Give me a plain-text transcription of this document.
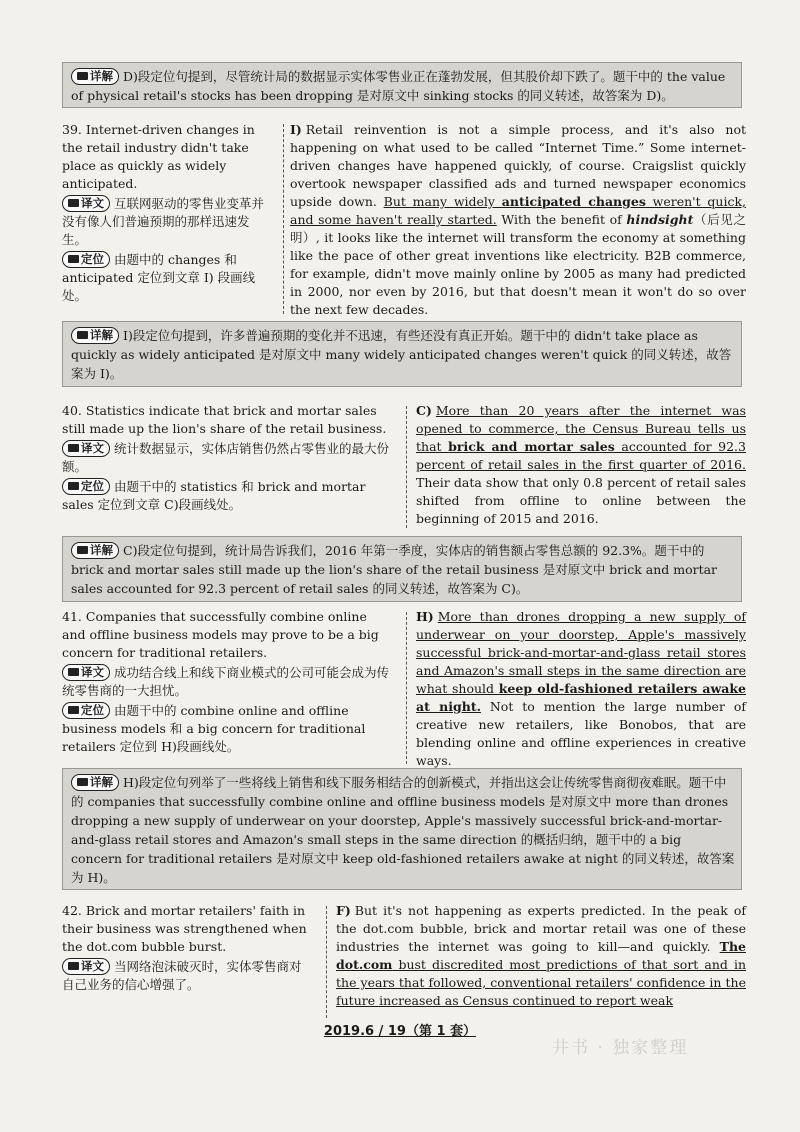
详解 D)段定位句提到，尽管统计局的数据显示实体零售业正在蓬勃发展，但其股价却下跌了。题干中的 the value of physical retail's stocks has been dropping 是对原文中 sinking stocks 的同义转述，故答案为 D)。
39. Internet-driven changes in the retail industry didn't take place as quickly as widely anticipated.
译文 互联网驱动的零售业变革并没有像人们普遍预期的那样迅速发生。
定位 由题中的 changes 和 anticipated 定位到文章 I) 段画线处。
I) Retail reinvention is not a simple process, and it's also not happening on what used to be called “Internet Time.” Some internet-driven changes have happened quickly, of course. Craigslist quickly overtook newspaper classified ads and turned newspaper economics upside down. But many widely anticipated changes weren't quick, and some haven't really started. With the benefit of hindsight（后见之明）, it looks like the internet will transform the economy at something like the pace of other great inventions like electricity. B2B commerce, for example, didn't move mainly online by 2005 as many had predicted in 2000, nor even by 2016, but that doesn't mean it won't do so over the next few decades.
详解 I)段定位句提到，许多普遍预期的变化并不迅速，有些还没有真正开始。题干中的 didn't take place as quickly as widely anticipated 是对原文中 many widely anticipated changes weren't quick 的同义转述，故答案为 I)。
40. Statistics indicate that brick and mortar sales still made up the lion's share of the retail business.
译文 统计数据显示，实体店销售仍然占零售业的最大份额。
定位 由题干中的 statistics 和 brick and mortar sales 定位到文章 C)段画线处。
C) More than 20 years after the internet was opened to commerce, the Census Bureau tells us that brick and mortar sales accounted for 92.3 percent of retail sales in the first quarter of 2016. Their data show that only 0.8 percent of retail sales shifted from offline to online between the beginning of 2015 and 2016.
详解 C)段定位句提到，统计局告诉我们，2016 年第一季度，实体店的销售额占零售总额的 92.3%。题干中的 brick and mortar sales still made up the lion's share of the retail business 是对原文中 brick and mortar sales accounted for 92.3 percent of retail sales 的同义转述，故答案为 C)。
41. Companies that successfully combine online and offline business models may prove to be a big concern for traditional retailers.
译文 成功结合线上和线下商业模式的公司可能会成为传统零售商的一大担忧。
定位 由题干中的 combine online and offline business models 和 a big concern for traditional retailers 定位到 H)段画线处。
H) More than drones dropping a new supply of underwear on your doorstep, Apple's massively successful brick-and-mortar-and-glass retail stores and Amazon's small steps in the same direction are what should keep old-fashioned retailers awake at night. Not to mention the large number of creative new retailers, like Bonobos, that are blending online and offline experiences in creative ways.
详解 H)段定位句列举了一些将线上销售和线下服务相结合的创新模式，并指出这会让传统零售商彻夜难眠。题干中的 companies that successfully combine online and offline business models 是对原文中 more than drones dropping a new supply of underwear on your doorstep, Apple's massively successful brick-and-mortar-and-glass retail stores and Amazon's small steps in the same direction 的概括归纳，题干中的 a big concern for traditional retailers 是对原文中 keep old-fashioned retailers awake at night 的同义转述，故答案为 H)。
42. Brick and mortar retailers' faith in their business was strengthened when the dot.com bubble burst.
译文 当网络泡沫破灭时，实体零售商对自己业务的信心增强了。
F) But it's not happening as experts predicted. In the peak of the dot.com bubble, brick and mortar retail was one of these industries the internet was going to kill—and quickly. The dot.com bust discredited most predictions of that sort and in the years that followed, conventional retailers' confidence in the future increased as Census continued to report weak
2019.6 / 19（第 1 套）
井书 · 独家整理
